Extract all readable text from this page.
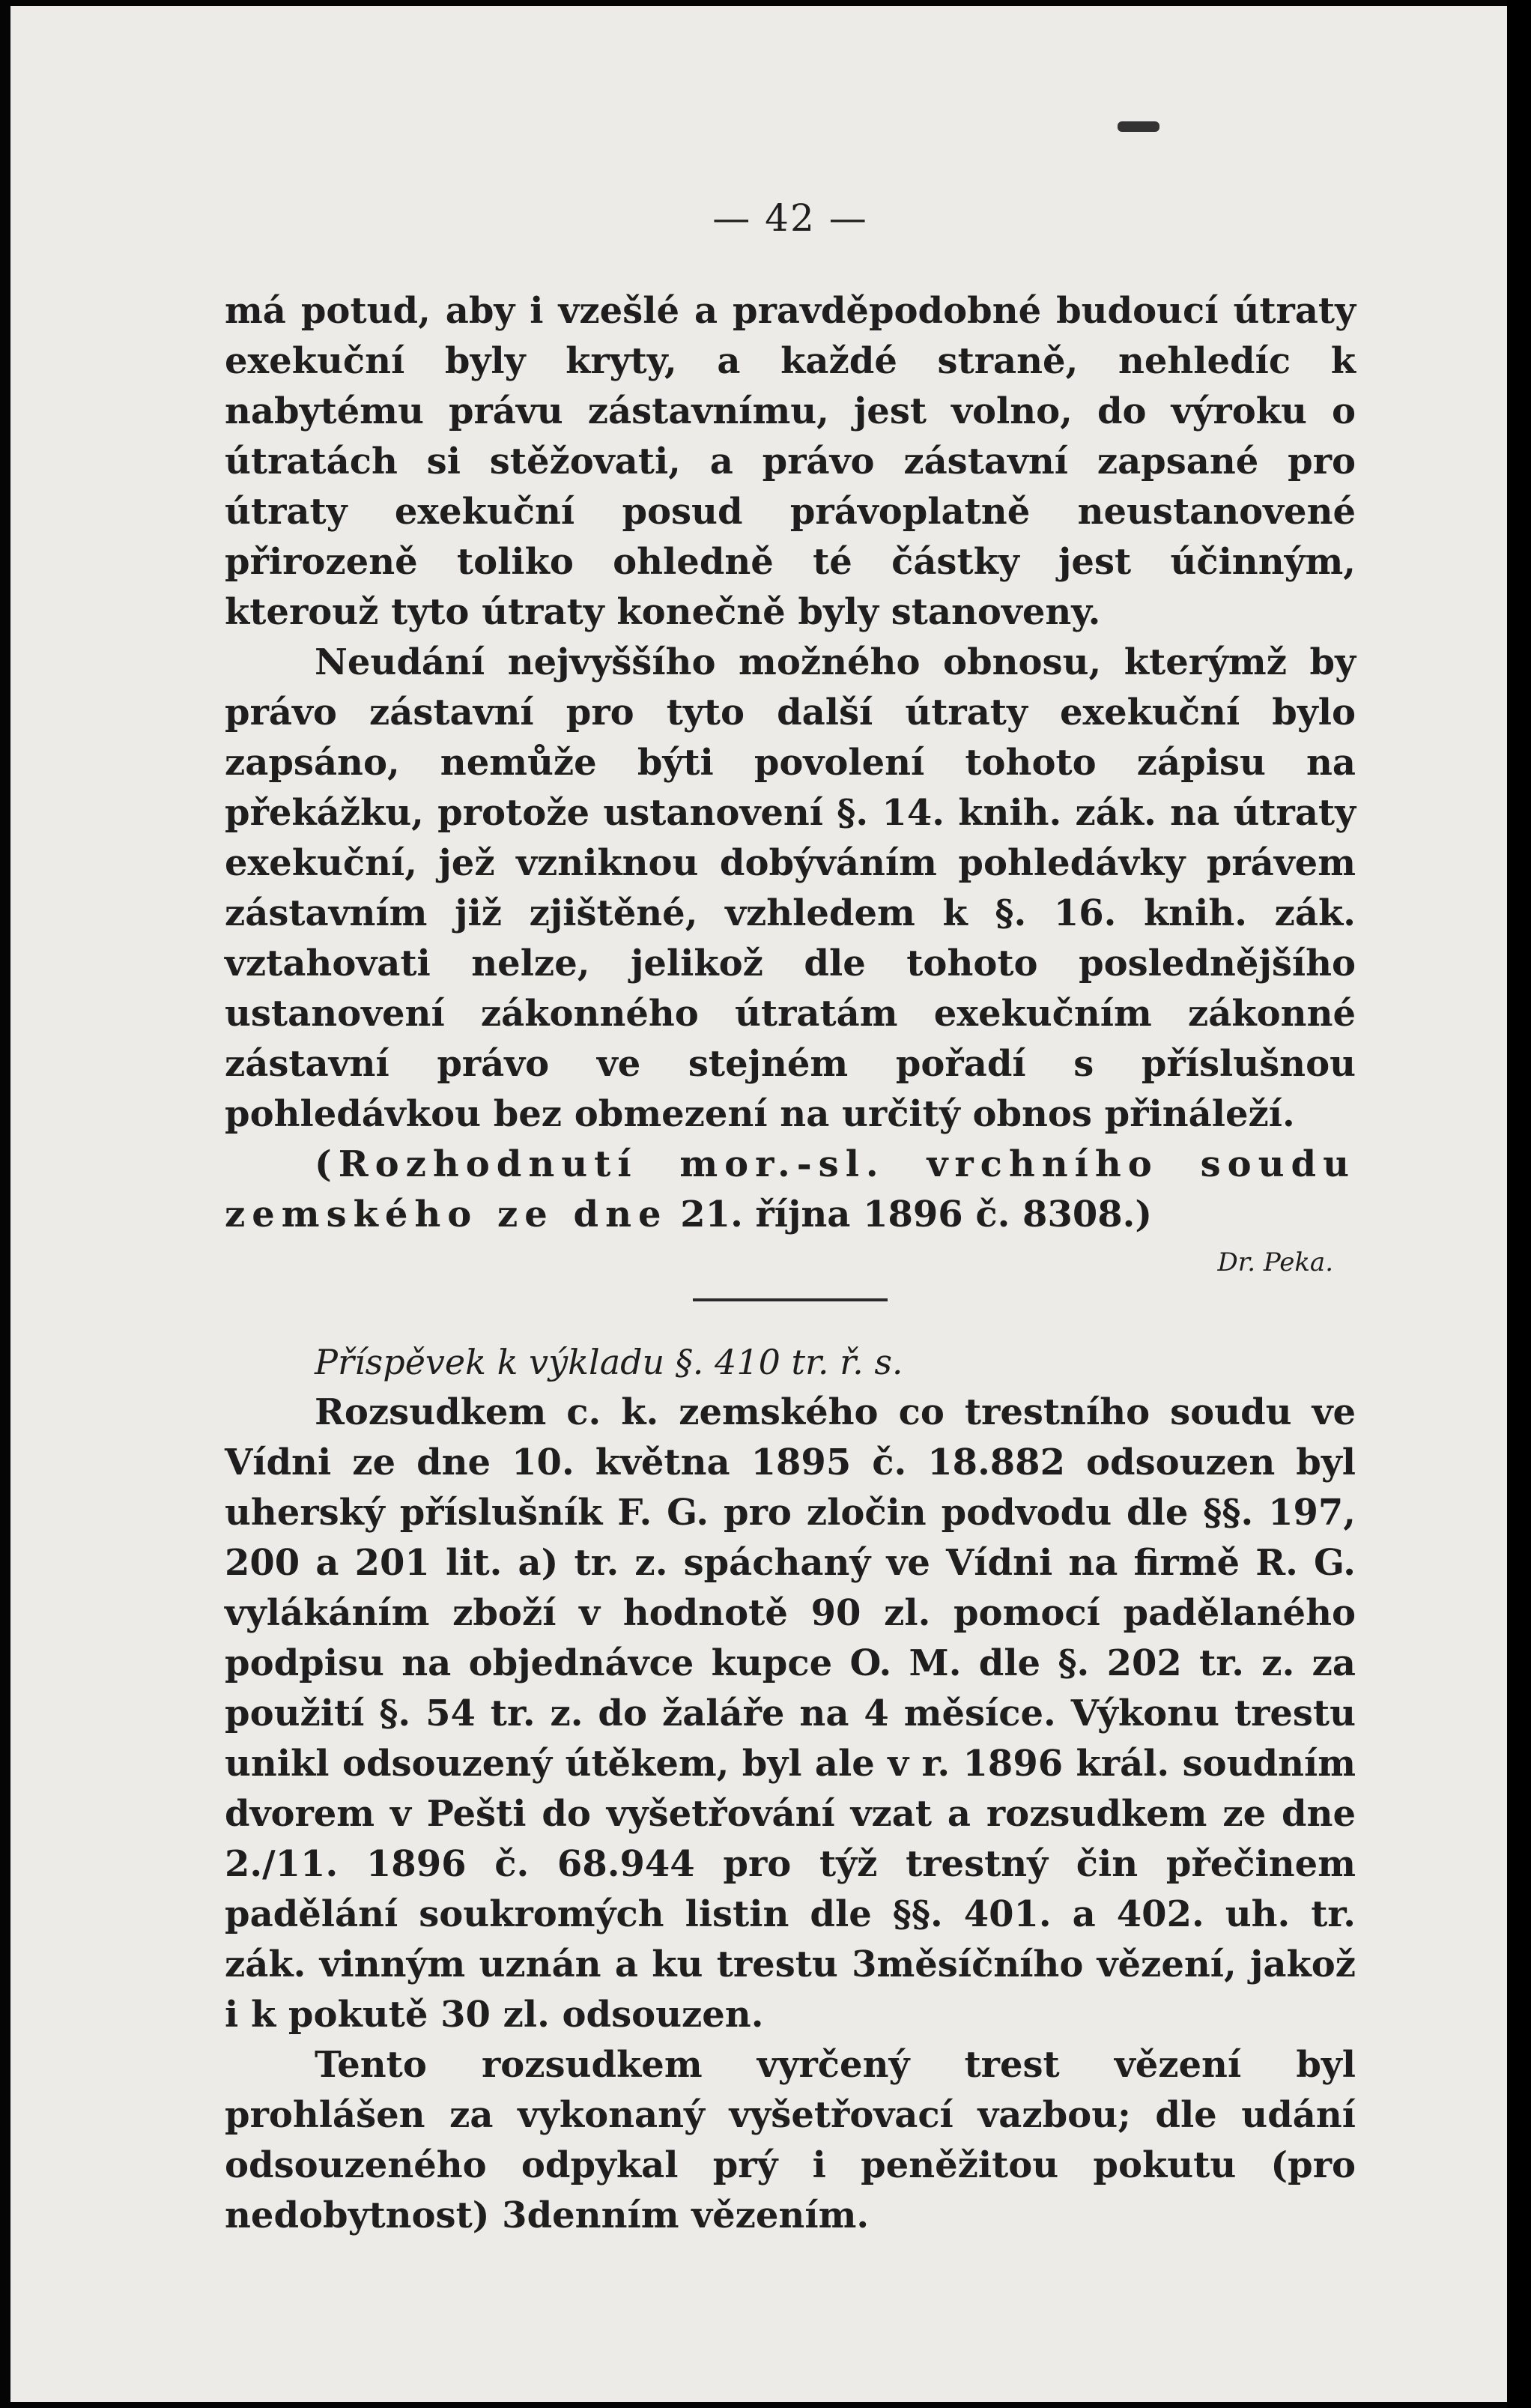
— 42 —

má potud, aby i vzešlé a pravděpodobné budoucí útraty exekuční byly kryty, a každé straně, nehledíc k nabytému právu zástavnímu, jest volno, do výroku o útratách si stěžovati, a právo zástavní zapsané pro útraty exekuční posud právoplatně neustanovené přirozeně toliko ohledně té částky jest účinným, kterouž tyto útraty konečně byly stanoveny.

Neudání nejvyššího možného obnosu, kterýmž by právo zástavní pro tyto další útraty exekuční bylo zapsáno, nemůže býti povolení tohoto zápisu na překážku, protože ustanovení §. 14. knih. zák. na útraty exekuční, jež vzniknou dobýváním pohledávky právem zástavním již zjištěné, vzhledem k §. 16. knih. zák. vztahovati nelze, jelikož dle tohoto poslednějšího ustanovení zákonného útratám exekučním zákonné zástavní právo ve stejném pořadí s příslušnou pohledávkou bez obmezení na určitý obnos přináleží.

(Rozhodnutí mor.-sl. vrchního soudu zemského ze dne 21. října 1896 č. 8308.)

Dr. Peka.

Příspěvek k výkladu §. 410 tr. ř. s.

Rozsudkem c. k. zemského co trestního soudu ve Vídni ze dne 10. května 1895 č. 18.882 odsouzen byl uherský příslušník F. G. pro zločin podvodu dle §§. 197, 200 a 201 lit. a) tr. z. spáchaný ve Vídni na firmě R. G. vylákáním zboží v hodnotě 90 zl. pomocí padělaného podpisu na objednávce kupce O. M. dle §. 202 tr. z. za použití §. 54 tr. z. do žaláře na 4 měsíce. Výkonu trestu unikl odsouzený útěkem, byl ale v r. 1896 král. soudním dvorem v Pešti do vyšetřování vzat a rozsudkem ze dne 2./11. 1896 č. 68.944 pro týž trestný čin přečinem padělání soukromých listin dle §§. 401. a 402. uh. tr. zák. vinným uznán a ku trestu 3měsíčního vězení, jakož i k pokutě 30 zl. odsouzen.

Tento rozsudkem vyrčený trest vězení byl prohlášen za vykonaný vyšetřovací vazbou; dle udání odsouzeného odpykal prý i peněžitou pokutu (pro nedobytnost) 3denním vězením.
